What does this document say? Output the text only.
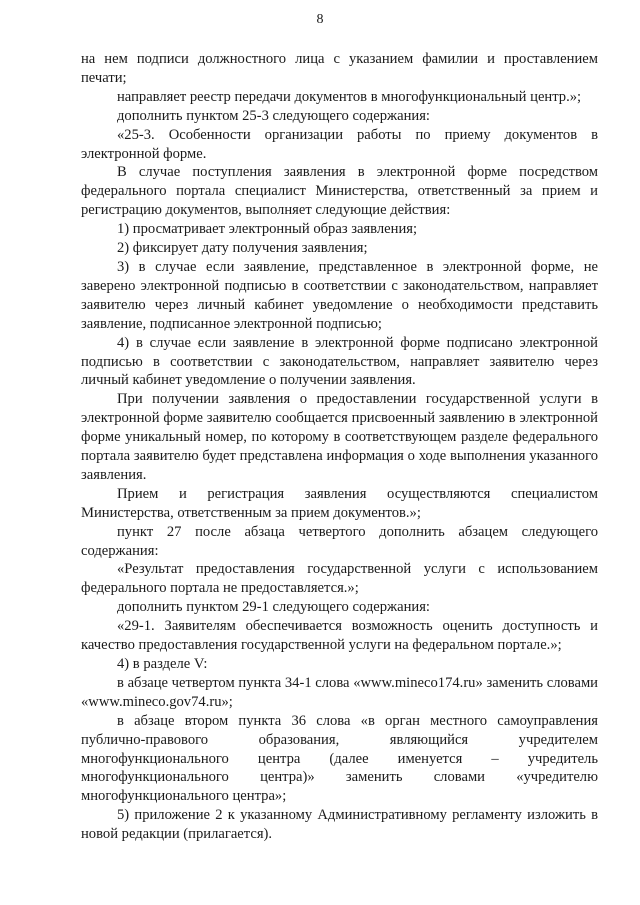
8

на нем подписи должностного лица с указанием фамилии и проставлением печати;

направляет реестр передачи документов в многофункциональный центр.»;

дополнить пунктом 25-3 следующего содержания:

«25-3. Особенности организации работы по приему документов в электронной форме.

В случае поступления заявления в электронной форме посредством федерального портала специалист Министерства, ответственный за прием и регистрацию документов, выполняет следующие действия:

1) просматривает электронный образ заявления;

2) фиксирует дату получения заявления;

3) в случае если заявление, представленное в электронной форме, не заверено электронной подписью в соответствии с законодательством, направляет заявителю через личный кабинет уведомление о необходимости представить заявление, подписанное электронной подписью;

4) в случае если заявление в электронной форме подписано электронной подписью в соответствии с законодательством, направляет заявителю через личный кабинет уведомление о получении заявления.

При получении заявления о предоставлении государственной услуги в электронной форме заявителю сообщается присвоенный заявлению в электронной форме уникальный номер, по которому в соответствующем разделе федерального портала заявителю будет представлена информация о ходе выполнения указанного заявления.

Прием и регистрация заявления осуществляются специалистом Министерства, ответственным за прием документов.»;

пункт 27 после абзаца четвертого дополнить абзацем следующего содержания:

«Результат предоставления государственной услуги с использованием федерального портала не предоставляется.»;

дополнить пунктом 29-1 следующего содержания:

«29-1. Заявителям обеспечивается возможность оценить доступность и качество предоставления государственной услуги на федеральном портале.»;

4) в разделе V:

в абзаце четвертом пункта 34-1 слова «www.mineco174.ru» заменить словами «www.mineco.gov74.ru»;

в абзаце втором пункта 36 слова «в орган местного самоуправления публично-правового образования, являющийся учредителем многофункционального центра (далее именуется – учредитель многофункционального центра)» заменить словами «учредителю многофункционального центра»;

5) приложение 2 к указанному Административному регламенту изложить в новой редакции (прилагается).
